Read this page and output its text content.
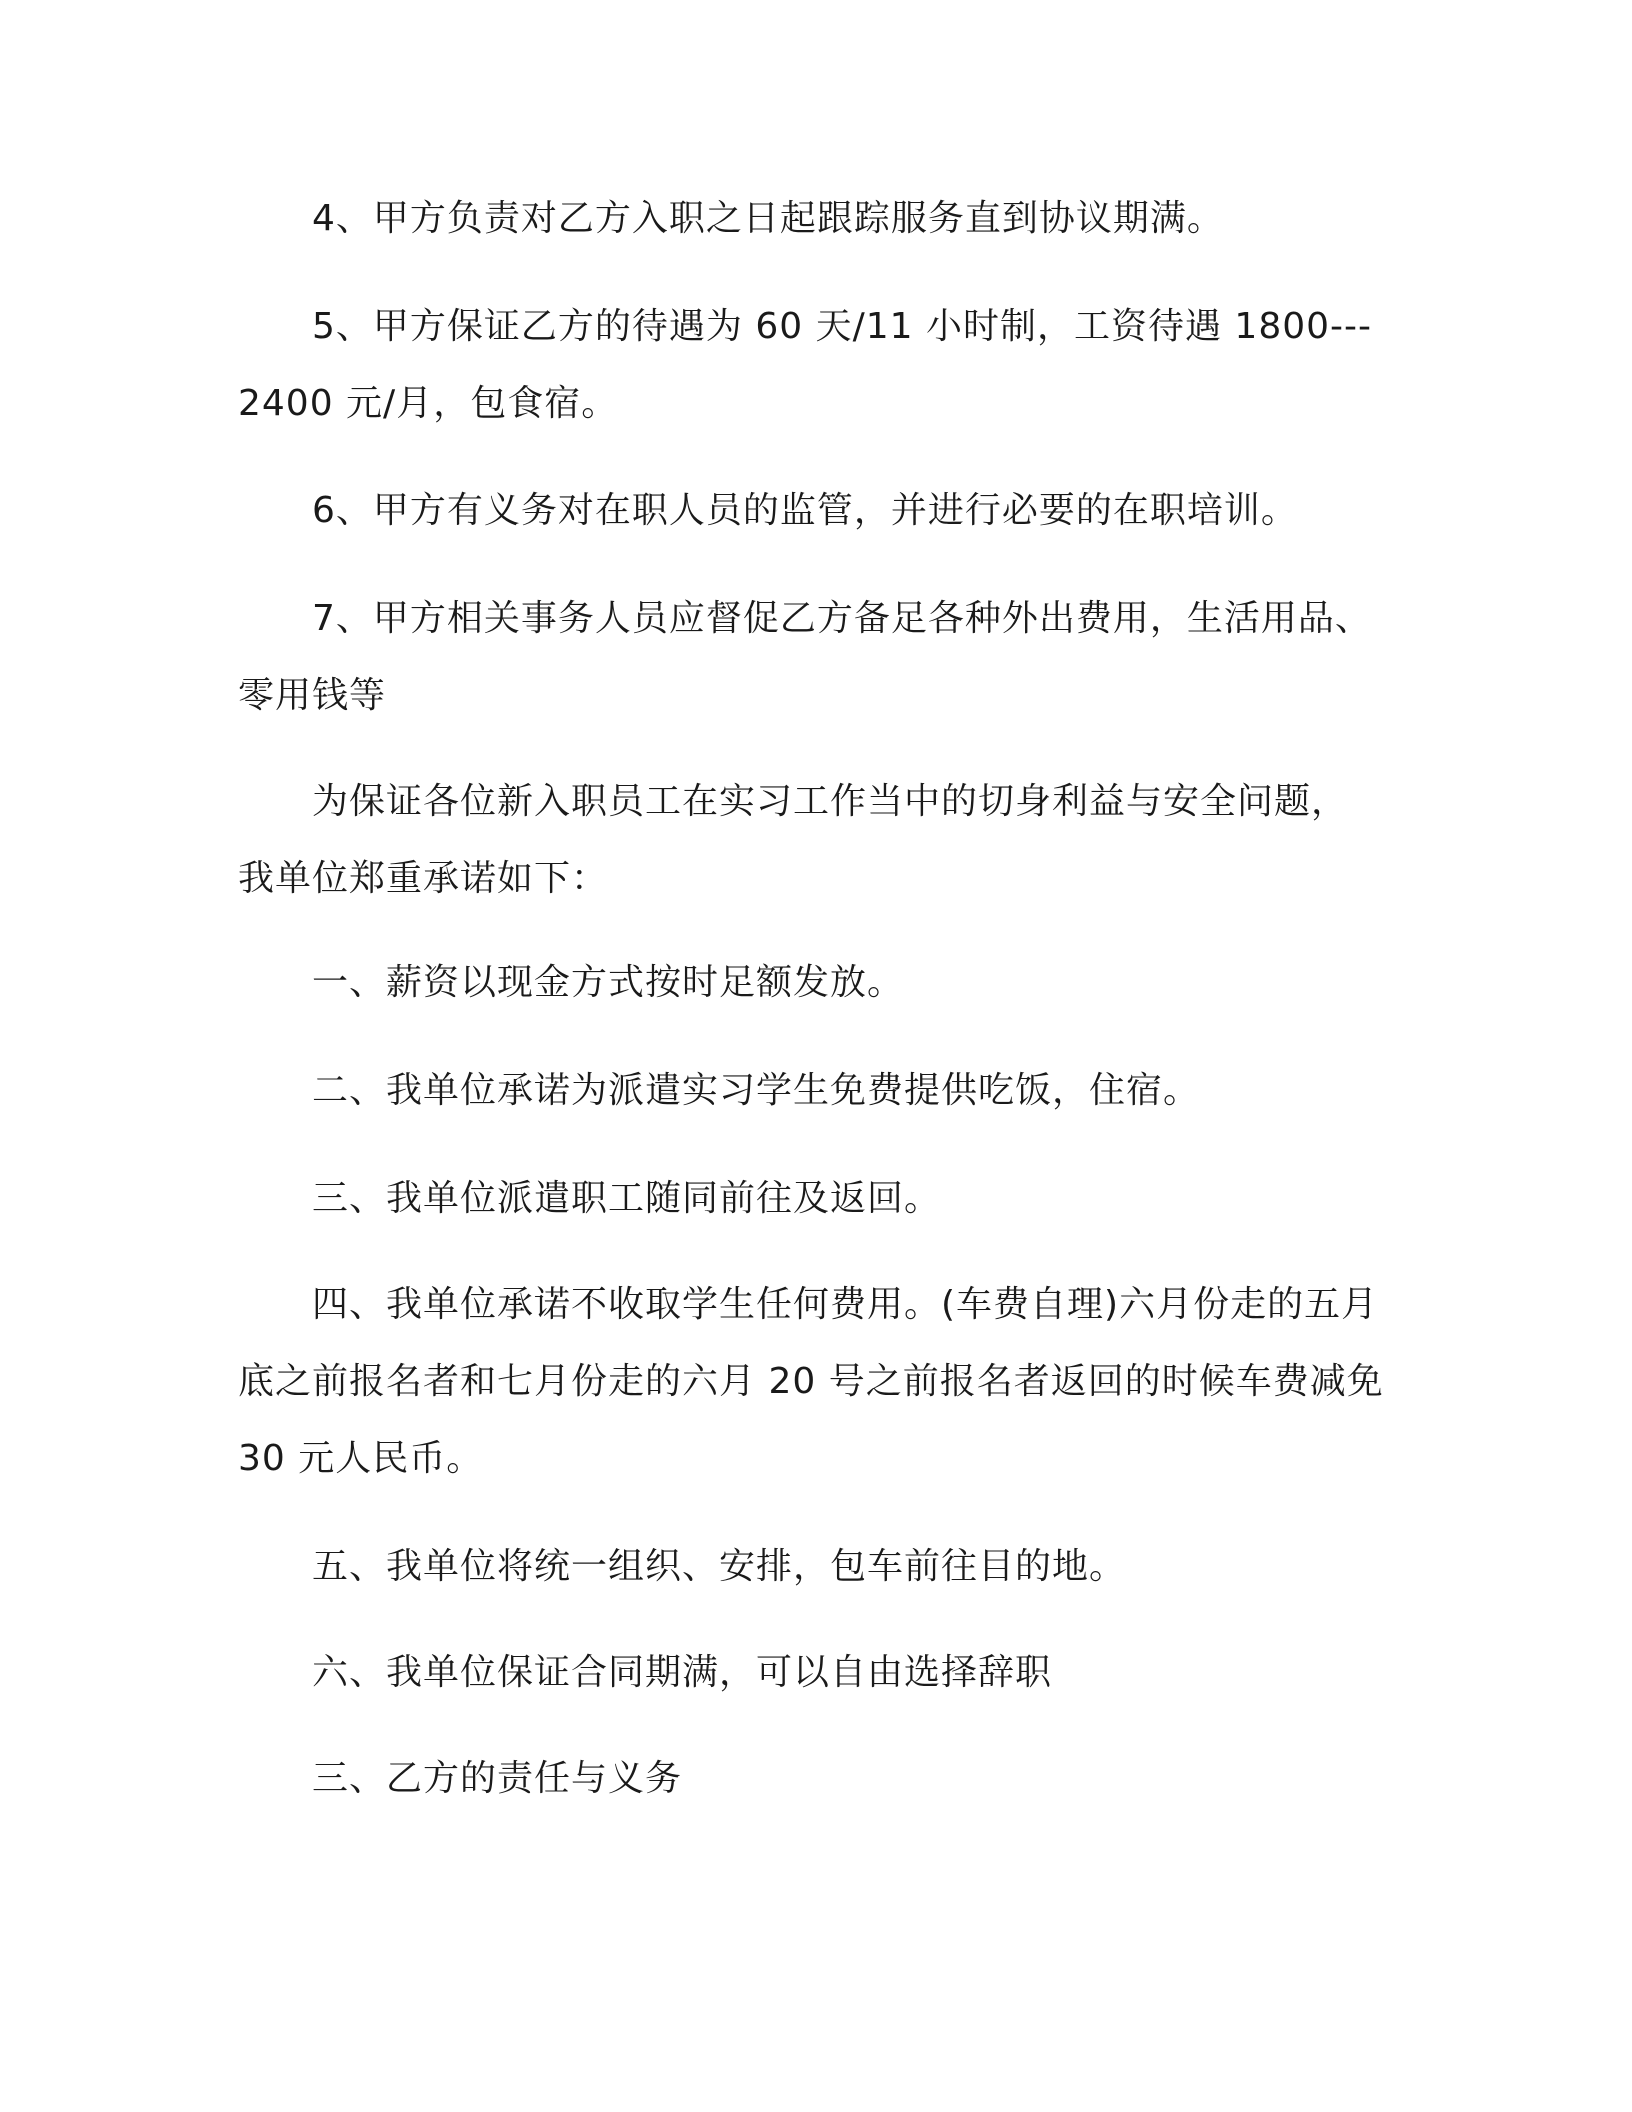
4、甲方负责对乙方入职之日起跟踪服务直到协议期满。
5、甲方保证乙方的待遇为 60 天/11 小时制，工资待遇 1800---
2400 元/月，包食宿。
6、甲方有义务对在职人员的监管，并进行必要的在职培训。
7、甲方相关事务人员应督促乙方备足各种外出费用，生活用品、
零用钱等
为保证各位新入职员工在实习工作当中的切身利益与安全问题，
我单位郑重承诺如下：
一、薪资以现金方式按时足额发放。
二、我单位承诺为派遣实习学生免费提供吃饭，住宿。
三、我单位派遣职工随同前往及返回。
四、我单位承诺不收取学生任何费用。(车费自理)六月份走的五月
底之前报名者和七月份走的六月 20 号之前报名者返回的时候车费减免
30 元人民币。
五、我单位将统一组织、安排，包车前往目的地。
六、我单位保证合同期满，可以自由选择辞职
三、乙方的责任与义务
